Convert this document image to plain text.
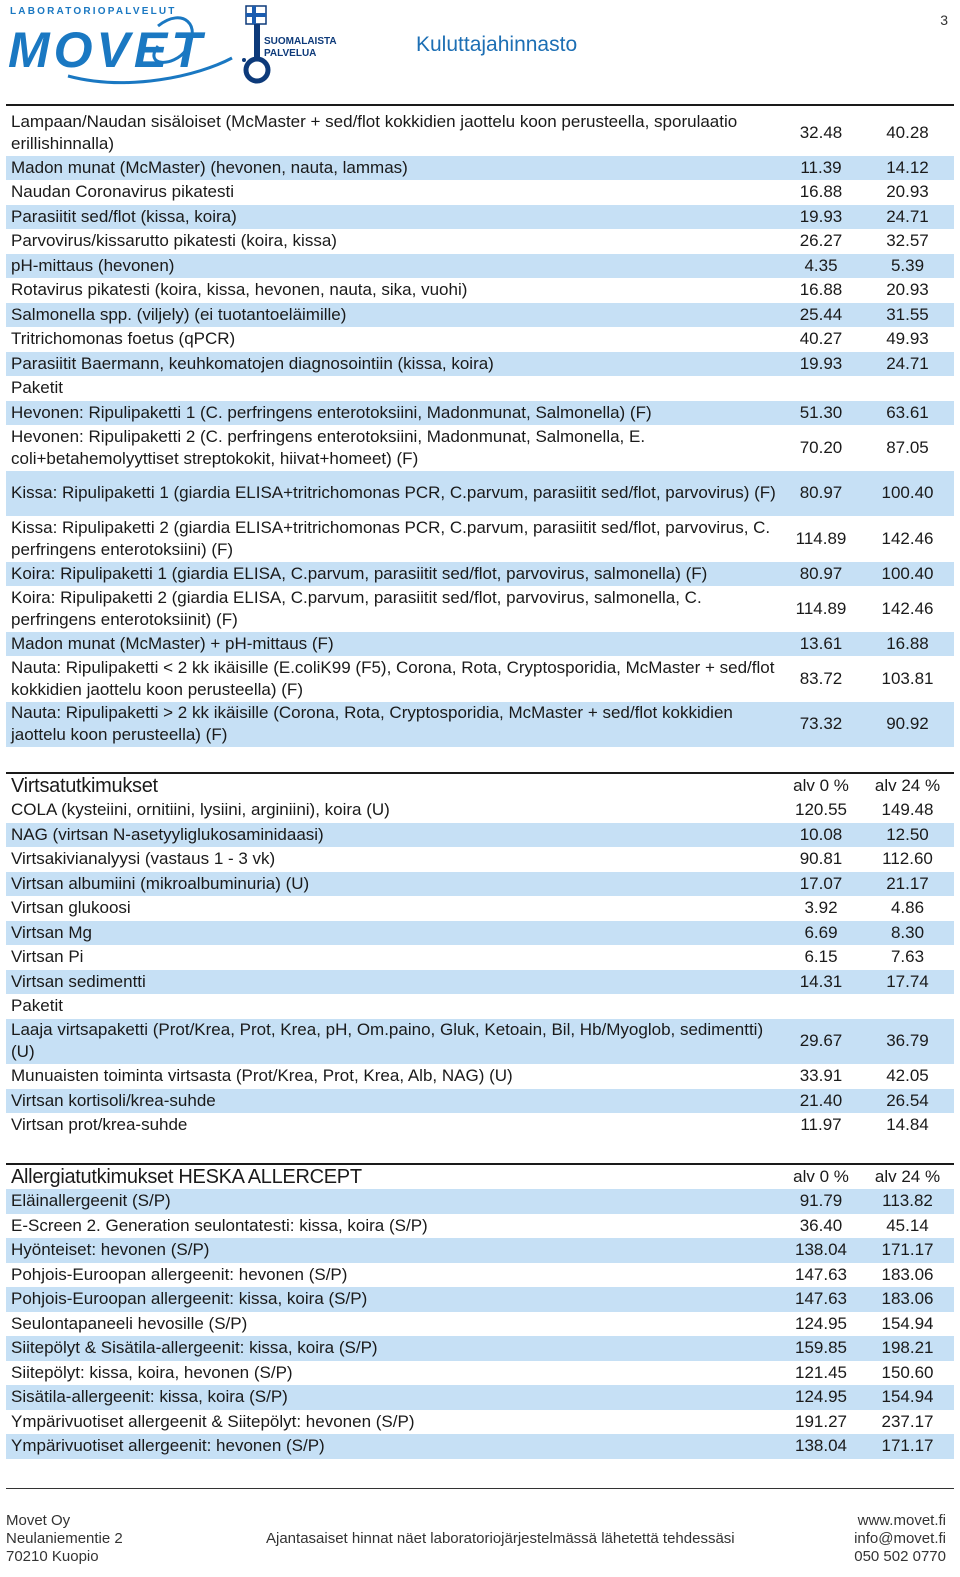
LABORATORIOPALVELUT
MOVET	SUOMALAISTA
PALVELUA	Kuluttajahinnasto
3
Lampaan/Naudan sisäloiset (McMaster + sed/flot kokkidien jaottelu koon perusteella, sporulaatio erillishinnalla)
32.48	40.28
Madon munat (McMaster) (hevonen, nauta, lammas)	11.39	14.12
Naudan Coronavirus pikatesti	16.88	20.93
Parasiitit sed/flot (kissa, koira)	19.93	24.71
Parvovirus/kissarutto pikatesti (koira, kissa)	26.27	32.57
pH-mittaus (hevonen)	4.35	5.39
Rotavirus pikatesti (koira, kissa, hevonen, nauta, sika, vuohi)	16.88	20.93
Salmonella spp. (viljely) (ei tuotantoeläimille)	25.44	31.55
Tritrichomonas foetus (qPCR)	40.27	49.93
Parasiitit Baermann, keuhkomatojen diagnosointiin (kissa, koira)	19.93	24.71
Paketit
Hevonen: Ripulipaketti 1 (C. perfringens enterotoksiini, Madonmunat, Salmonella) (F)	51.30	63.61
Hevonen: Ripulipaketti 2 (C. perfringens enterotoksiini, Madonmunat, Salmonella, E. coli+betahemolyyttiset streptokokit, hiivat+homeet) (F)
70.20	87.05
Kissa: Ripulipaketti 1 (giardia ELISA+tritrichomonas PCR, C.parvum, parasiitit sed/flot, parvovirus) (F)	80.97	100.40
Kissa: Ripulipaketti 2 (giardia ELISA+tritrichomonas PCR, C.parvum, parasiitit sed/flot, parvovirus, C. perfringens enterotoksiini) (F)
114.89	142.46
Koira: Ripulipaketti 1 (giardia ELISA, C.parvum, parasiitit sed/flot, parvovirus, salmonella) (F)	80.97	100.40
Koira: Ripulipaketti 2 (giardia ELISA, C.parvum, parasiitit sed/flot, parvovirus, salmonella, C. perfringens enterotoksiinit) (F)
114.89	142.46
Madon munat (McMaster) + pH-mittaus (F)	13.61	16.88
Nauta: Ripulipaketti < 2 kk ikäisille (E.coliK99 (F5), Corona, Rota, Cryptosporidia, McMaster + sed/flot kokkidien jaottelu koon perusteella) (F)
83.72	103.81
Nauta: Ripulipaketti > 2 kk ikäisille (Corona, Rota, Cryptosporidia, McMaster + sed/flot kokkidien jaottelu koon perusteella) (F)
73.32	90.92
Virtsatutkimukset	alv 0 %	alv 24 %
COLA (kysteiini, ornitiini, lysiini, arginiini), koira (U)	120.55	149.48
NAG (virtsan N-asetyyliglukosaminidaasi)	10.08	12.50
Virtsakivianalyysi (vastaus 1 - 3 vk)	90.81	112.60
Virtsan albumiini (mikroalbuminuria) (U)	17.07	21.17
Virtsan glukoosi	3.92	4.86
Virtsan Mg	6.69	8.30
Virtsan Pi	6.15	7.63
Virtsan sedimentti	14.31	17.74
Paketit
Laaja virtsapaketti (Prot/Krea, Prot, Krea, pH, Om.paino, Gluk, Ketoain, Bil, Hb/Myoglob, sedimentti) (U)
29.67	36.79
Munuaisten toiminta virtsasta (Prot/Krea, Prot, Krea, Alb, NAG) (U)	33.91	42.05
Virtsan kortisoli/krea-suhde	21.40	26.54
Virtsan prot/krea-suhde	11.97	14.84
Allergiatutkimukset HESKA ALLERCEPT	alv 0 %	alv 24 %
Eläinallergeenit (S/P)	91.79	113.82
E-Screen 2. Generation seulontatesti: kissa, koira (S/P)	36.40	45.14
Hyönteiset: hevonen (S/P)	138.04	171.17
Pohjois-Euroopan allergeenit: hevonen (S/P)	147.63	183.06
Pohjois-Euroopan allergeenit: kissa, koira (S/P)	147.63	183.06
Seulontapaneeli hevosille (S/P)	124.95	154.94
Siitepölyt & Sisätila-allergeenit: kissa, koira (S/P)	159.85	198.21
Siitepölyt: kissa, koira, hevonen (S/P)	121.45	150.60
Sisätila-allergeenit: kissa, koira (S/P)	124.95	154.94
Ympärivuotiset allergeenit & Siitepölyt: hevonen (S/P)	191.27	237.17
Ympärivuotiset allergeenit: hevonen (S/P)	138.04	171.17
Movet Oy
Neulaniementie 2
70210 Kuopio
Ajantasaiset hinnat näet laboratoriojärjestelmässä lähetettä tehdessäsi
www.movet.fi
info@movet.fi
050 502 0770
